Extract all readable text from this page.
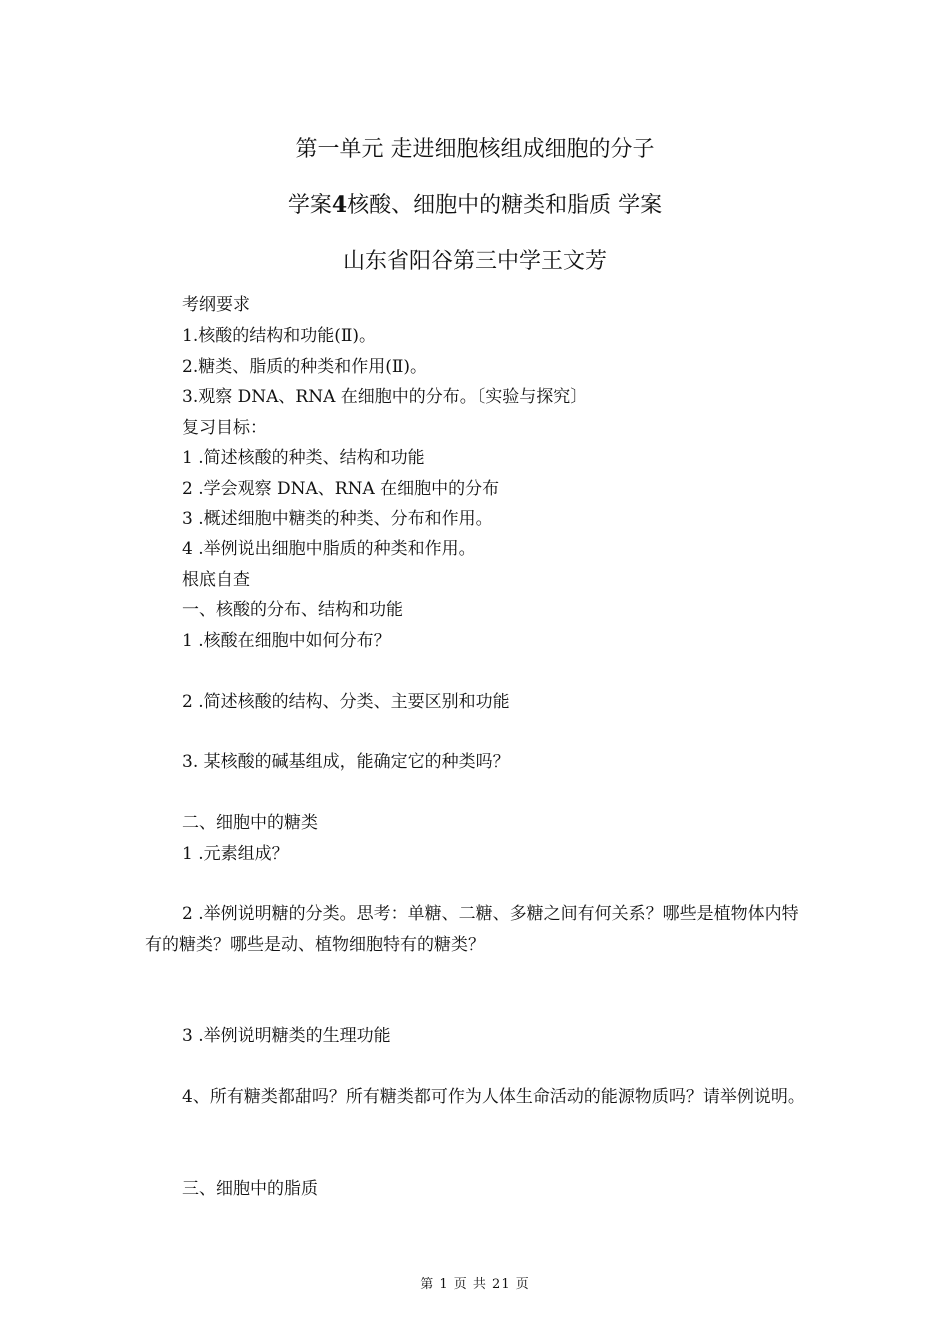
第一单元 走进细胞核组成细胞的分子
学案4核酸、细胞中的糖类和脂质 学案
山东省阳谷第三中学王文芳
考纲要求
1.核酸的结构和功能(Ⅱ)。
2.糖类、脂质的种类和作用(Ⅱ)。
3.观察 DNA、RNA 在细胞中的分布。〔实验与探究〕
复习目标：
1 .简述核酸的种类、结构和功能
2 .学会观察 DNA、RNA 在细胞中的分布
3 .概述细胞中糖类的种类、分布和作用。
4 .举例说出细胞中脂质的种类和作用。
根底自查
一、核酸的分布、结构和功能
1 .核酸在细胞中如何分布？
2 .简述核酸的结构、分类、主要区别和功能
3. 某核酸的碱基组成，能确定它的种类吗？
二、细胞中的糖类
1 .元素组成？
2 .举例说明糖的分类。思考：单糖、二糖、多糖之间有何关系？哪些是植物体内特有的糖类？哪些是动、植物细胞特有的糖类？
3 .举例说明糖类的生理功能
4、所有糖类都甜吗？所有糖类都可作为人体生命活动的能源物质吗？请举例说明。
三、细胞中的脂质
第 1 页 共 21 页
